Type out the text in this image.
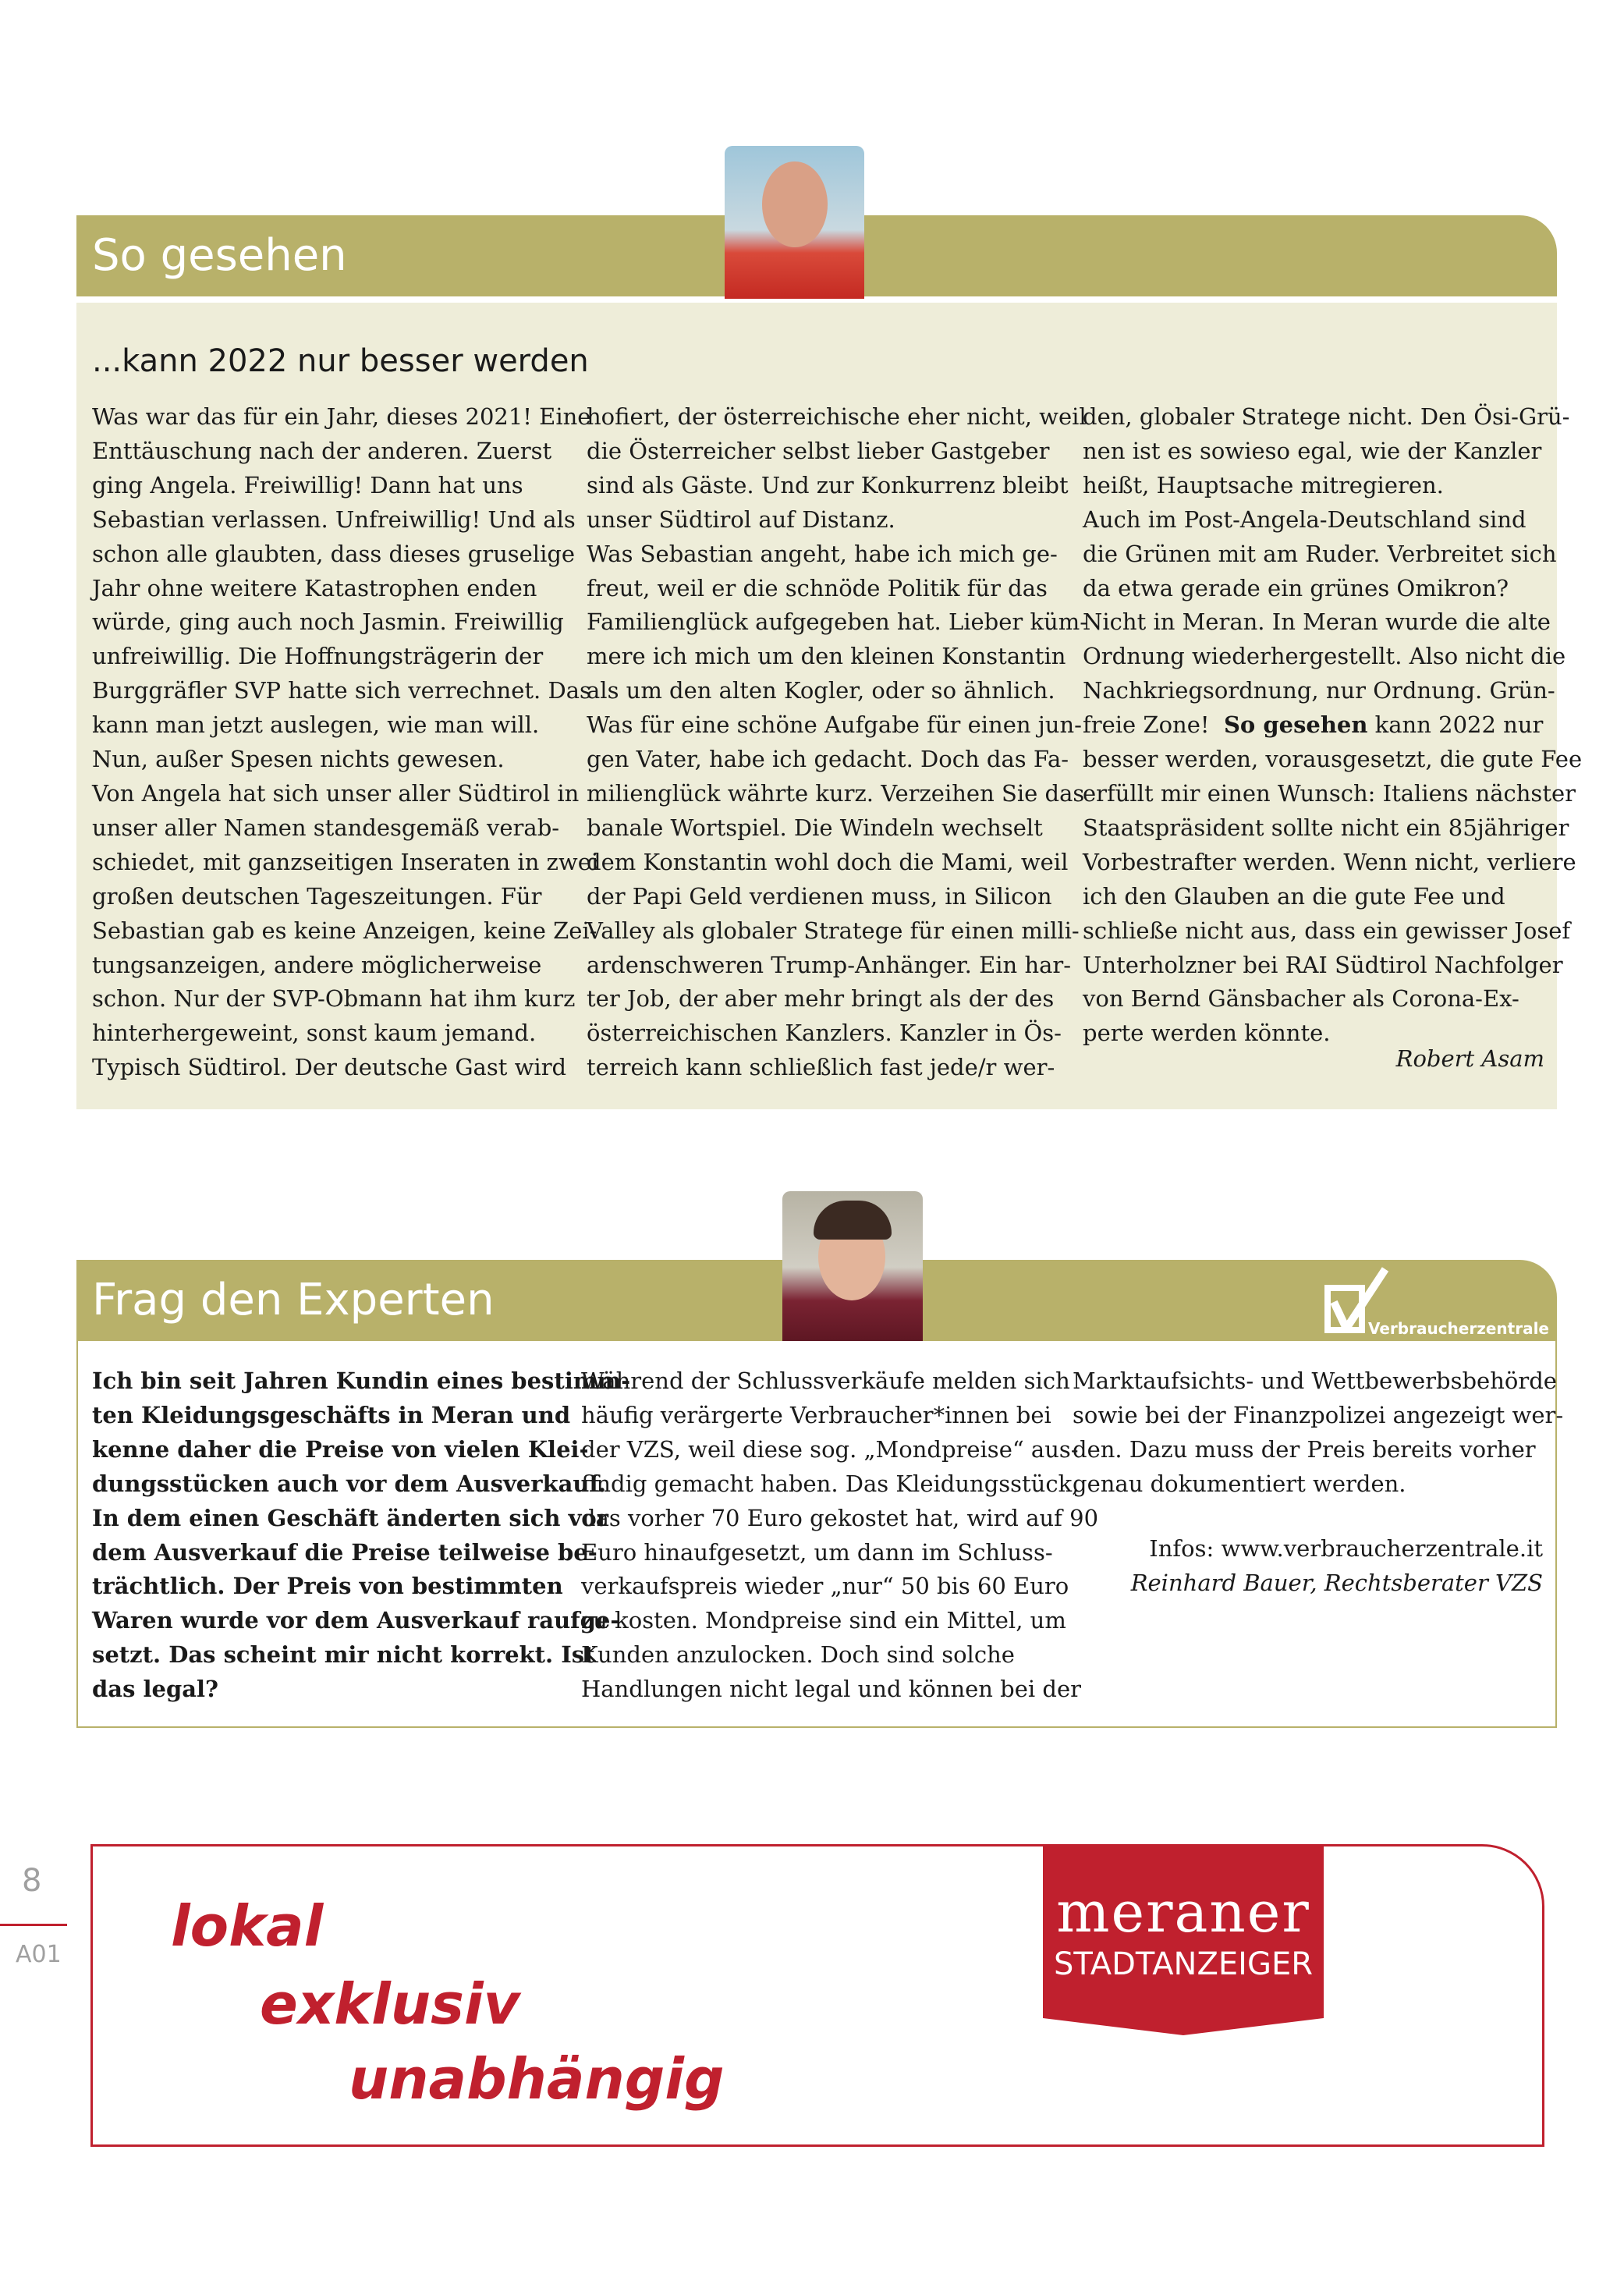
So gesehen
...kann 2022 nur besser werden
Was war das für ein Jahr, dieses 2021! Eine
Enttäuschung nach der anderen. Zuerst
ging Angela. Freiwillig! Dann hat uns
Sebastian verlassen. Unfreiwillig! Und als
schon alle glaubten, dass dieses gruselige
Jahr ohne weitere Katastrophen enden
würde, ging auch noch Jasmin. Freiwillig
unfreiwillig. Die Hoffnungsträgerin der
Burggräfler SVP hatte sich verrechnet. Das
kann man jetzt auslegen, wie man will.
Nun, außer Spesen nichts gewesen.
Von Angela hat sich unser aller Südtirol in
unser aller Namen standesgemäß verab-
schiedet, mit ganzseitigen Inseraten in zwei
großen deutschen Tageszeitungen. Für
Sebastian gab es keine Anzeigen, keine Zei-
tungsanzeigen, andere möglicherweise
schon. Nur der SVP-Obmann hat ihm kurz
hinterhergeweint, sonst kaum jemand.
Typisch Südtirol. Der deutsche Gast wird
hofiert, der österreichische eher nicht, weil
die Österreicher selbst lieber Gastgeber
sind als Gäste. Und zur Konkurrenz bleibt
unser Südtirol auf Distanz.
Was Sebastian angeht, habe ich mich ge-
freut, weil er die schnöde Politik für das
Familienglück aufgegeben hat. Lieber küm-
mere ich mich um den kleinen Konstantin
als um den alten Kogler, oder so ähnlich.
Was für eine schöne Aufgabe für einen jun-
gen Vater, habe ich gedacht. Doch das Fa-
milienglück währte kurz. Verzeihen Sie das
banale Wortspiel. Die Windeln wechselt
dem Konstantin wohl doch die Mami, weil
der Papi Geld verdienen muss, in Silicon
Valley als globaler Stratege für einen milli-
ardenschweren Trump-Anhänger. Ein har-
ter Job, der aber mehr bringt als der des
österreichischen Kanzlers. Kanzler in Ös-
terreich kann schließlich fast jede/r wer-
den, globaler Stratege nicht. Den Ösi-Grü-
nen ist es sowieso egal, wie der Kanzler
heißt, Hauptsache mitregieren.
Auch im Post-Angela-Deutschland sind
die Grünen mit am Ruder. Verbreitet sich
da etwa gerade ein grünes Omikron?
Nicht in Meran. In Meran wurde die alte
Ordnung wiederhergestellt. Also nicht die
Nachkriegsordnung, nur Ordnung. Grün-
freie Zone!  So gesehen kann 2022 nur
besser werden, vorausgesetzt, die gute Fee
erfüllt mir einen Wunsch: Italiens nächster
Staatspräsident sollte nicht ein 85jähriger
Vorbestrafter werden. Wenn nicht, verliere
ich den Glauben an die gute Fee und
schließe nicht aus, dass ein gewisser Josef
Unterholzner bei RAI Südtirol Nachfolger
von Bernd Gänsbacher als Corona-Ex-
perte werden könnte.
Robert Asam
Frag den Experten
Verbraucherzentrale
Ich bin seit Jahren Kundin eines bestimm-
ten Kleidungsgeschäfts in Meran und
kenne daher die Preise von vielen Klei-
dungsstücken auch vor dem Ausverkauf.
In dem einen Geschäft änderten sich vor
dem Ausverkauf die Preise teilweise be-
trächtlich. Der Preis von bestimmten
Waren wurde vor dem Ausverkauf raufge-
setzt. Das scheint mir nicht korrekt. Ist
das legal?
Während der Schlussverkäufe melden sich
häufig verärgerte Verbraucher*innen bei
der VZS, weil diese sog. „Mondpreise“ aus-
findig gemacht haben. Das Kleidungsstück,
das vorher 70 Euro gekostet hat, wird auf 90
Euro hinaufgesetzt, um dann im Schluss-
verkaufspreis wieder „nur“ 50 bis 60 Euro
zu kosten. Mondpreise sind ein Mittel, um
Kunden anzulocken. Doch sind solche
Handlungen nicht legal und können bei der
Marktaufsichts- und Wettbewerbsbehörde
sowie bei der Finanzpolizei angezeigt wer-
den. Dazu muss der Preis bereits vorher
genau dokumentiert werden.
Infos: www.verbraucherzentrale.it
Reinhard Bauer, Rechtsberater VZS
8
A01 lokal
exklusiv
unabhängig
meraner
STADTANZEIGER
